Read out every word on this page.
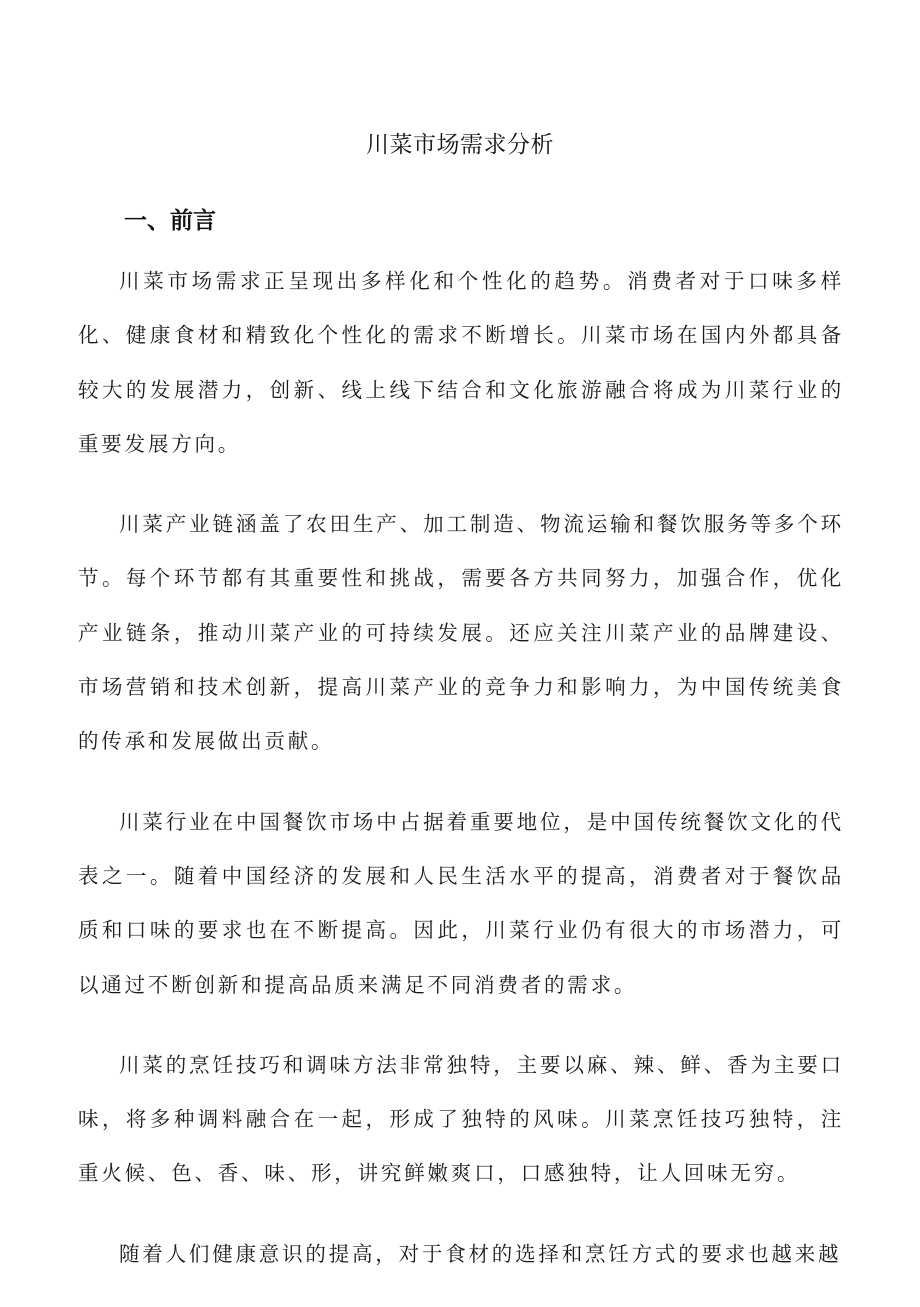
川菜市场需求分析
一、前言

川菜市场需求正呈现出多样化和个性化的趋势。消费者对于口味多样化、健康食材和精致化个性化的需求不断增长。川菜市场在国内外都具备较大的发展潜力，创新、线上线下结合和文化旅游融合将成为川菜行业的重要发展方向。

川菜产业链涵盖了农田生产、加工制造、物流运输和餐饮服务等多个环节。每个环节都有其重要性和挑战，需要各方共同努力，加强合作，优化产业链条，推动川菜产业的可持续发展。还应关注川菜产业的品牌建设、市场营销和技术创新，提高川菜产业的竞争力和影响力，为中国传统美食的传承和发展做出贡献。

川菜行业在中国餐饮市场中占据着重要地位，是中国传统餐饮文化的代表之一。随着中国经济的发展和人民生活水平的提高，消费者对于餐饮品质和口味的要求也在不断提高。因此，川菜行业仍有很大的市场潜力，可以通过不断创新和提高品质来满足不同消费者的需求。

川菜的烹饪技巧和调味方法非常独特，主要以麻、辣、鲜、香为主要口味，将多种调料融合在一起，形成了独特的风味。川菜烹饪技巧独特，注重火候、色、香、味、形，讲究鲜嫩爽口，口感独特，让人回味无穷。

随着人们健康意识的提高，对于食材的选择和烹饪方式的要求也越来越
